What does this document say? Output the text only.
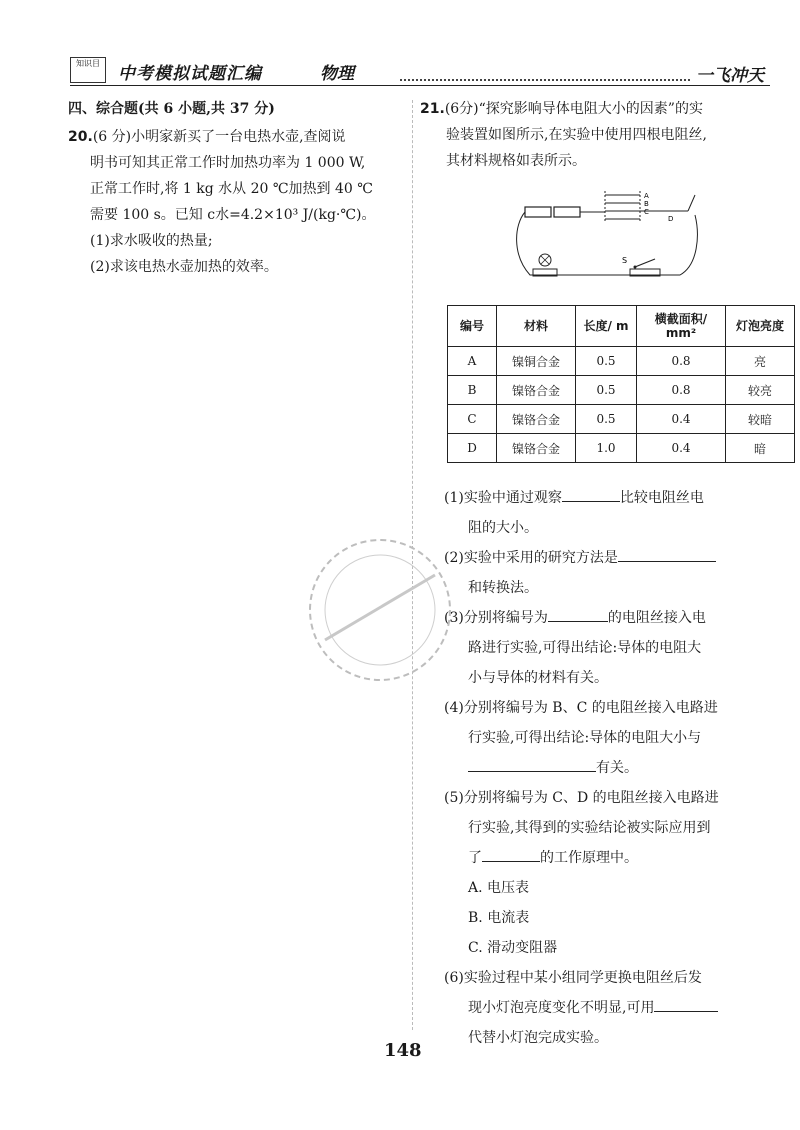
知识目
中考模拟试题汇编	物理	一飞冲天
四、综合题(共 6 小题,共 37 分)
20.(6 分)小明家新买了一台电热水壶,查阅说
明书可知其正常工作时加热功率为 1 000 W,
正常工作时,将 1 kg 水从 20 ℃加热到 40 ℃
需要 100 s。已知 c水=4.2×10³ J/(kg·℃)。
(1)求水吸收的热量;
(2)求该电热水壶加热的效率。
21.(6分)“探究影响导体电阻大小的因素”的实
验装置如图所示,在实验中使用四根电阻丝,
其材料规格如表所示。
A
B
C
D
S
编号	材料	长度/ m	横截面积/ mm²	灯泡亮度
A	镍铜合金	0.5	0.8	亮
B	镍铬合金	0.5	0.8	较亮
C	镍铬合金	0.5	0.4	较暗
D	镍铬合金	1.0	0.4	暗
(1)实验中通过观察	比较电阻丝电
阻的大小。
(2)实验中采用的研究方法是
和转换法。
(3)分别将编号为	的电阻丝接入电
路进行实验,可得出结论:导体的电阻大
小与导体的材料有关。
(4)分别将编号为 B、C 的电阻丝接入电路进
行实验,可得出结论:导体的电阻大小与
有关。
(5)分别将编号为 C、D 的电阻丝接入电路进
行实验,其得到的实验结论被实际应用到
了	的工作原理中。
A. 电压表
B. 电流表
C. 滑动变阻器
(6)实验过程中某小组同学更换电阻丝后发
现小灯泡亮度变化不明显,可用
代替小灯泡完成实验。
148
